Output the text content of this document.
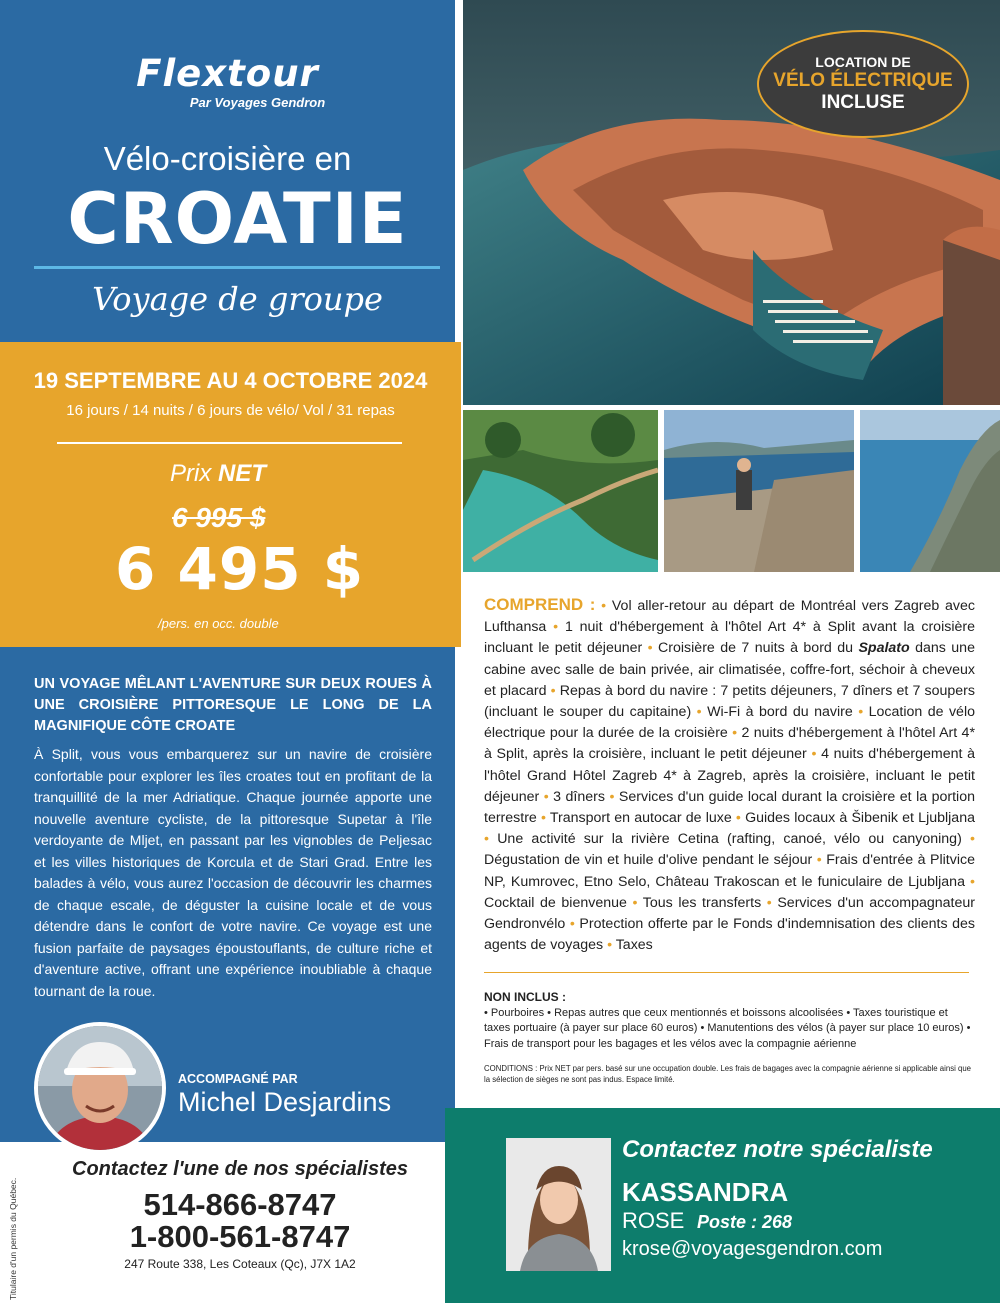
Flextour
Par Voyages Gendron
Vélo-croisière en
CROATIE
Voyage de groupe
19 SEPTEMBRE AU 4 OCTOBRE 2024
16 jours / 14 nuits / 6 jours de vélo/ Vol / 31 repas
Prix NET
6 995 $
6 495 $
/pers. en occ. double
UN VOYAGE MÊLANT L'AVENTURE SUR DEUX ROUES À UNE CROISIÈRE PITTORESQUE LE LONG DE LA MAGNIFIQUE CÔTE CROATE
À Split, vous vous embarquerez sur un navire de croisière confortable pour explorer les îles croates tout en profitant de la tranquillité de la mer Adriatique. Chaque journée apporte une nouvelle aventure cycliste, de la pittoresque Supetar à l'île verdoyante de Mljet, en passant par les vignobles de Peljesac et les villes historiques de Korcula et de Stari Grad. Entre les balades à vélo, vous aurez l'occasion de découvrir les charmes de chaque escale, de déguster la cuisine locale et de vous détendre dans le confort de votre navire. Ce voyage est une fusion parfaite de paysages époustouflants, de culture riche et d'aventure active, offrant une expérience inoubliable à chaque tournant de la roue.
ACCOMPAGNÉ PAR
Michel Desjardins
Titulaire d'un permis du Québec.
Contactez l'une de nos spécialistes
514-866-8747
1-800-561-8747
247 Route 338, Les Coteaux (Qc), J7X 1A2
LOCATION DE
VÉLO ÉLECTRIQUE
INCLUSE
COMPREND : • Vol aller-retour au départ de Montréal vers Zagreb avec Lufthansa • 1 nuit d'hébergement à l'hôtel Art 4* à Split avant la croisière incluant le petit déjeuner • Croisière de 7 nuits à bord du Spalato dans une cabine avec salle de bain privée, air climatisée, coffre-fort, séchoir à cheveux et placard • Repas à bord du navire : 7 petits déjeuners, 7 dîners et 7 soupers (incluant le souper du capitaine) • Wi-Fi à bord du navire • Location de vélo électrique pour la durée de la croisière • 2 nuits d'hébergement à l'hôtel Art 4* à Split, après la croisière, incluant le petit déjeuner • 4 nuits d'hébergement à l'hôtel Grand Hôtel Zagreb 4* à Zagreb, après la croisière, incluant le petit déjeuner • 3 dîners • Services d'un guide local durant la croisière et la portion terrestre • Transport en autocar de luxe • Guides locaux à Šibenik et Ljubljana • Une activité sur la rivière Cetina (rafting, canoé, vélo ou canyoning) • Dégustation de vin et huile d'olive pendant le séjour • Frais d'entrée à Plitvice NP, Kumrovec, Etno Selo, Château Trakoscan et le funiculaire de Ljubljana • Cocktail de bienvenue • Tous les transferts • Services d'un accompagnateur Gendronvélo • Protection offerte par le Fonds d'indemnisation des clients des agents de voyages • Taxes
NON INCLUS :
• Pourboires • Repas autres que ceux mentionnés et boissons alcoolisées • Taxes touristique et taxes portuaire (à payer sur place 60 euros) • Manutentions des vélos (à payer sur place 10 euros) • Frais de transport pour les bagages et les vélos avec la compagnie aérienne
CONDITIONS : Prix NET par pers. basé sur une occupation double. Les frais de bagages avec la compagnie aérienne si applicable ainsi que la sélection de sièges ne sont pas indus. Espace limité.
Contactez notre spécialiste
KASSANDRA
ROSE Poste : 268
krose@voyagesgendron.com
